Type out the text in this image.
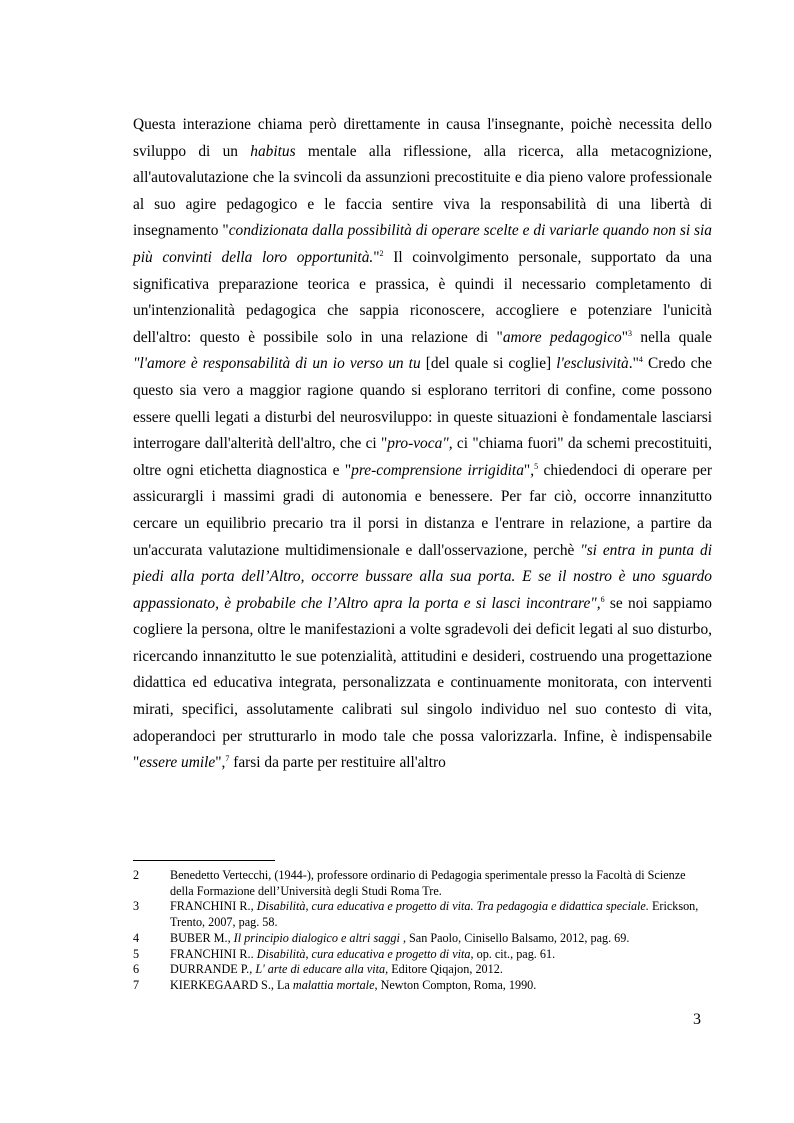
Questa interazione chiama però direttamente in causa l'insegnante, poichè necessita dello sviluppo di un habitus mentale alla riflessione, alla ricerca, alla metacognizione, all'autovalutazione che la svincoli da assunzioni precostituite e dia pieno valore professionale al suo agire pedagogico e le faccia sentire viva la responsabilità di una libertà di insegnamento "condizionata dalla possibilità di operare scelte e di variarle quando non si sia più convinti della loro opportunità."$^2$ Il coinvolgimento personale, supportato da una significativa preparazione teorica e prassica, è quindi il necessario completamento di un'intenzionalità pedagogica che sappia riconoscere, accogliere e potenziare l'unicità dell'altro: questo è possibile solo in una relazione di "amore pedagogico"$^3$ nella quale "l'amore è responsabilità di un io verso un tu [del quale si coglie] l'esclusività."$^4$ Credo che questo sia vero a maggior ragione quando si esplorano territori di confine, come possono essere quelli legati a disturbi del neurosviluppo: in queste situazioni è fondamentale lasciarsi interrogare dall'alterità dell'altro, che ci "pro-voca", ci "chiama fuori" da schemi precostituiti, oltre ogni etichetta diagnostica e "pre-comprensione irrigidita",$^5$ chiedendoci di operare per assicurargli i massimi gradi di autonomia e benessere. Per far ciò, occorre innanzitutto cercare un equilibrio precario tra il porsi in distanza e l'entrare in relazione, a partire da un'accurata valutazione multidimensionale e dall'osservazione, perchè "si entra in punta di piedi alla porta dell’Altro, occorre bussare alla sua porta. E se il nostro è uno sguardo appassionato, è probabile che l’Altro apra la porta e si lasci incontrare",$^6$ se noi sappiamo cogliere la persona, oltre le manifestazioni a volte sgradevoli dei deficit legati al suo disturbo, ricercando innanzitutto le sue potenzialità, attitudini e desideri, costruendo una progettazione didattica ed educativa integrata, personalizzata e continuamente monitorata, con interventi mirati, specifici, assolutamente calibrati sul singolo individuo nel suo contesto di vita, adoperandoci per strutturarlo in modo tale che possa valorizzarla. Infine, è indispensabile "essere umile",$^7$ farsi da parte per restituire all'altro

2	Benedetto Vertecchi, (1944-), professore ordinario di Pedagogia sperimentale presso la Facoltà di Scienze della Formazione dell’Università degli Studi Roma Tre.
3	FRANCHINI R., Disabilità, cura educativa e progetto di vita. Tra pedagogia e didattica speciale. Erickson, Trento, 2007, pag. 58.
4	BUBER M., Il principio dialogico e altri saggi , San Paolo, Cinisello Balsamo, 2012, pag. 69.
5	FRANCHINI R.. Disabilità, cura educativa e progetto di vita, op. cit., pag. 61.
6	DURRANDE P., L' arte di educare alla vita, Editore Qiqajon, 2012.
7	KIERKEGAARD S., La malattia mortale, Newton Compton, Roma, 1990.
3
